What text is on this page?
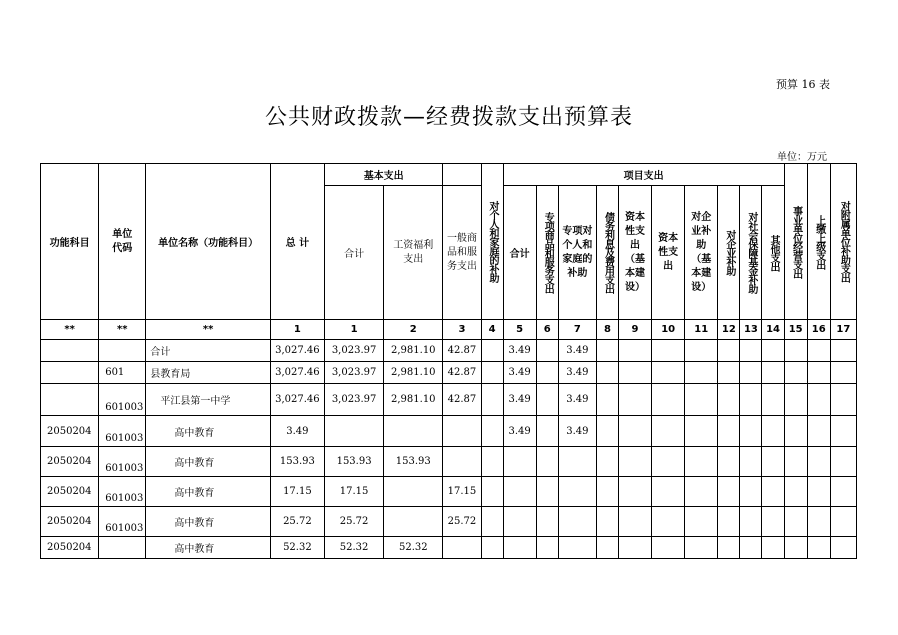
预算 16 表
公共财政拨款—经费拨款支出预算表
单位：万元
功能科目	单位代码	单位名称（功能科目）	总 计	基本支出			对个人和家庭的补助	项目支出										事业单位经营支出	上缴上级支出	对附属单位补助支出

				合计	工资福利支出	一般商品和服务支出		合计	专项商品和服务支出	专项对个人和家庭的补助	债务利息及费用支出	资本性支出（基本建设）	资本性支出	对企业补助（基本建设）	对企业补助	对社会保障基金补助	其他支出			

**	**	**	1	1	2	3	4	5	6	7	8	9	10	11	12	13	14	15	16	17
		合计	3,027.46	3,023.97	2,981.10	42.87		3.49		3.49										
	601	县教育局	3,027.46	3,023.97	2,981.10	42.87		3.49		3.49										
	601003	平江县第一中学	3,027.46	3,023.97	2,981.10	42.87		3.49		3.49										
2050204	601003	高中教育	3.49					3.49		3.49										
2050204	601003	高中教育	153.93	153.93	153.93															
2050204	601003	高中教育	17.15	17.15		17.15														
2050204	601003	高中教育	25.72	25.72		25.72														
2050204		高中教育	52.32	52.32	52.32															
